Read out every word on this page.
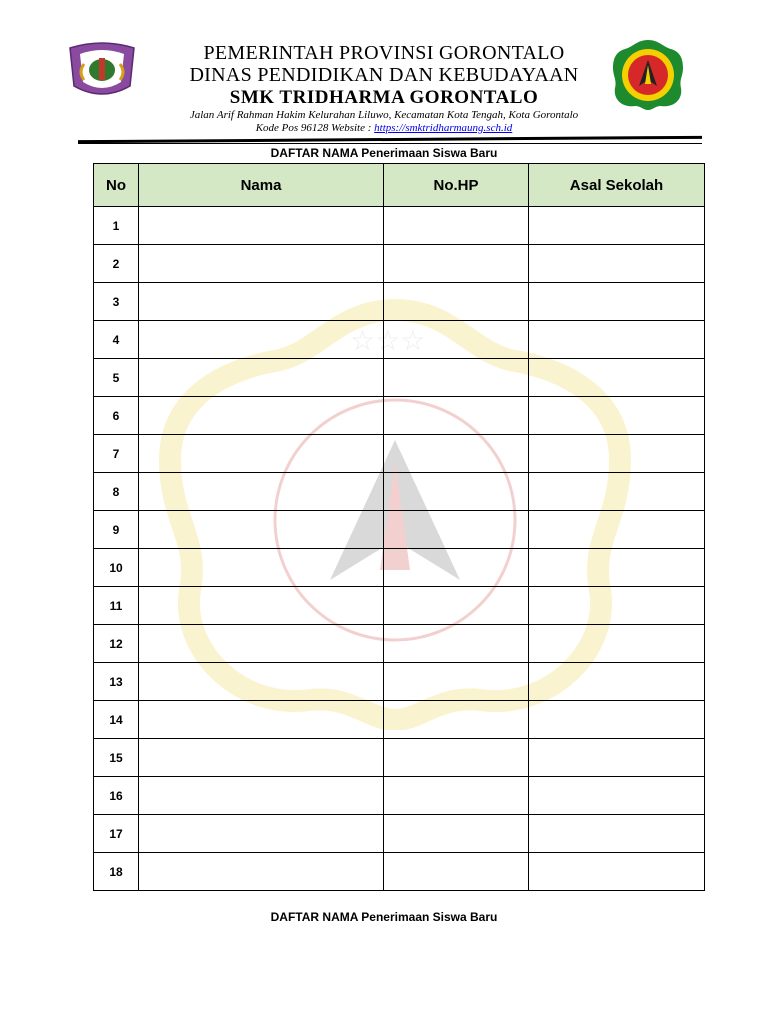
☆☆☆
PEMERINTAH PROVINSI GORONTALO
DINAS PENDIDIKAN DAN KEBUDAYAAN
SMK TRIDHARMA GORONTALO
Jalan Arif Rahman Hakim Kelurahan Liluwo, Kecamatan Kota Tengah, Kota Gorontalo
Kode Pos 96128 Website : https://smktridharmaung.sch.id
DAFTAR NAMA Penerimaan Siswa Baru
No	Nama	No.HP	Asal Sekolah
1			
2			
3			
4			
5			
6			
7			
8			
9			
10			
11			
12			
13			
14			
15			
16			
17			
18			
DAFTAR NAMA Penerimaan Siswa Baru
